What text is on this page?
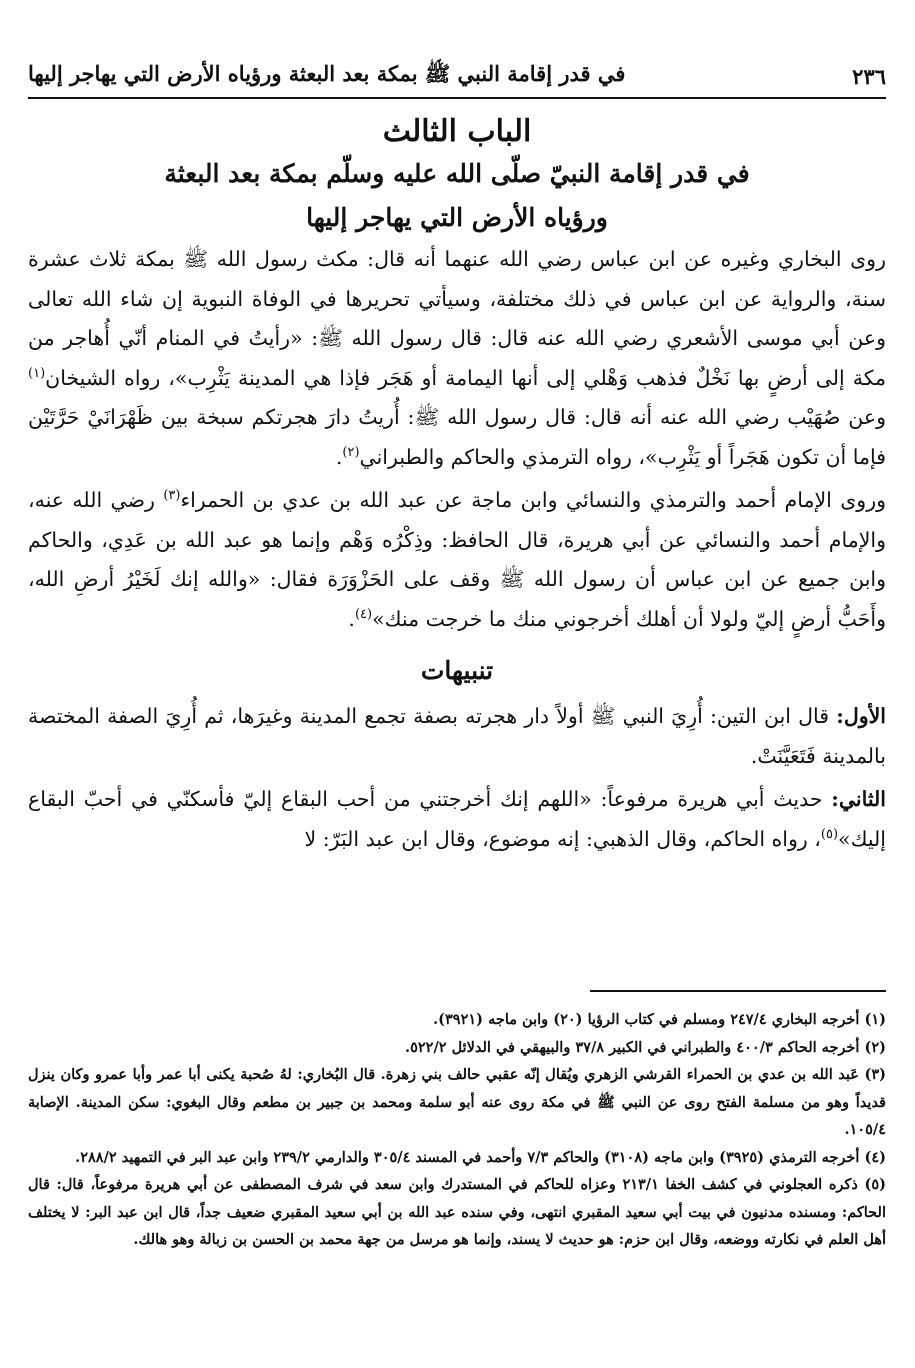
٢٣٦
في قدر إقامة النبي ﷺ بمكة بعد البعثة ورؤياه الأرض التي يهاجر إليها

الباب الثالث

في قدر إقامة النبيّ صلّى الله عليه وسلّم بمكة بعد البعثة

ورؤياه الأرض التي يهاجر إليها

روى البخاري وغيره عن ابن عباس رضي الله عنهما أنه قال: مكث رسول الله ﷺ بمكة ثلاث عشرة سنة، والرواية عن ابن عباس في ذلك مختلفة، وسيأتي تحريرها في الوفاة النبوية إن شاء الله تعالى وعن أبي موسى الأشعري رضي الله عنه قال: قال رسول الله ﷺ: «رأيتُ في المنام أنّي أُهاجر من مكة إلى أرضٍ بها نَخْلٌ فذهب وَهْلي إلى أنها اليمامة أو هَجَر فإذا هي المدينة يَثْرِب»، رواه الشيخان$^{(١)}$ وعن صُهَيْب رضي الله عنه أنه قال: قال رسول الله ﷺ: أُريتُ دارَ هجرتكم سبخة بين ظَهْرَانَيْ حَرَّتَيْن فإما أن تكون هَجَراً أو يَثْرِب»، رواه الترمذي والحاكم والطبراني$^{(٢)}$.

وروى الإمام أحمد والترمذي والنسائي وابن ماجة عن عبد الله بن عدي بن الحمراء$^{(٣)}$ رضي الله عنه، والإمام أحمد والنسائي عن أبي هريرة، قال الحافظ: وذِكْرُه وَهْم وإنما هو عبد الله بن عَدِي، والحاكم وابن جميع عن ابن عباس أن رسول الله ﷺ وقف على الحَزْوَرَة فقال: «والله إنك لَخَيْرُ أرضِ الله، وأَحَبُّ أرضٍ إليّ ولولا أن أهلك أخرجوني منك ما خرجت منك»$^{(٤)}$.

تنبيهات

الأول: قال ابن التين: أُرِيَ النبي ﷺ أولاً دار هجرته بصفة تجمع المدينة وغيرَها، ثم أُرِيَ الصفة المختصة بالمدينة فَتَعَيَّنَتْ.

الثاني: حديث أبي هريرة مرفوعاً: «اللهم إنك أخرجتني من أحب البقاع إليّ فأسكنّي في أحبّ البقاع إليك»$^{(٥)}$، رواه الحاكم، وقال الذهبي: إنه موضوع، وقال ابن عبد البَرّ: لا

(١) أخرجه البخاري ٢٤٧/٤ ومسلم في كتاب الرؤيا (٢٠) وابن ماجه (٣٩٢١).

(٢) أخرجه الحاكم ٤٠٠/٣ والطبراني في الكبير ٣٧/٨ والبيهقي في الدلائل ٥٢٢/٢.

(٣) عَبد الله بن عدي بن الحمراء القرشي الزهري ويُقال إنّه عقبي حالف بني زهرة. قال البُخاري: لهُ صُحبة يكنى أبا عمر وأبا عمرو وكان ينزل قديداً وهو من مسلمة الفتح روى عن النبي ﷺ في مكة روى عنه أبو سلمة ومحمد بن جبير بن مطعم وقال البغوي: سكن المدينة. الإصابة ١٠٥/٤.

(٤) أخرجه الترمذي (٣٩٢٥) وابن ماجه (٣١٠٨) والحاكم ٧/٣ وأحمد في المسند ٣٠٥/٤ والدارمي ٢٣٩/٢ وابن عبد البر في التمهيد ٢٨٨/٢.

(٥) ذكره العجلوني في كشف الخفا ٢١٣/١ وعزاه للحاكم في المستدرك وابن سعد في شرف المصطفى عن أبي هريرة مرفوعاً، قال: قال الحاكم: ومسنده مدنيون في بيت أبي سعيد المقبري انتهى، وفي سنده عبد الله بن أبي سعيد المقبري ضعيف جداً، قال ابن عبد البر: لا يختلف أهل العلم في نكارته ووضعه، وقال ابن حزم: هو حديث لا يسند، وإنما هو مرسل من جهة محمد بن الحسن بن زبالة وهو هالك.
